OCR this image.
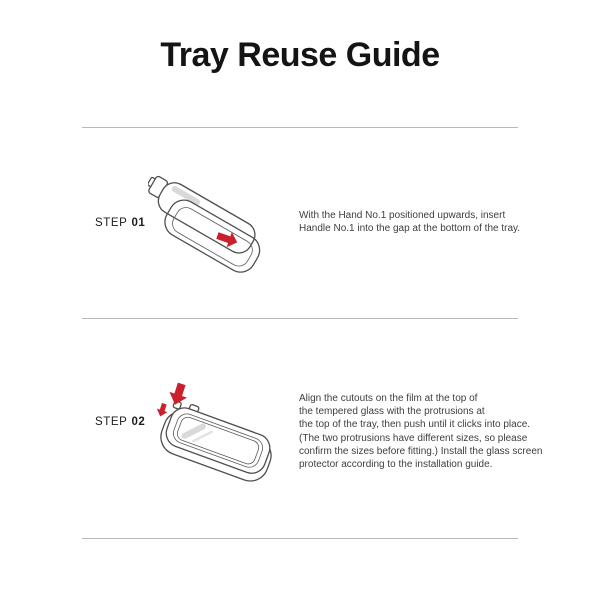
Tray Reuse Guide
STEP 01
With the Hand No.1 positioned upwards, insert
Handle No.1 into the gap at the bottom of the tray.
STEP 02
Align the cutouts on the film at the top of
the tempered glass with the protrusions at
the top of the tray, then push until it clicks into place.
(The two protrusions have different sizes, so please
confirm the sizes before fitting.) Install the glass screen
protector according to the installation guide.
